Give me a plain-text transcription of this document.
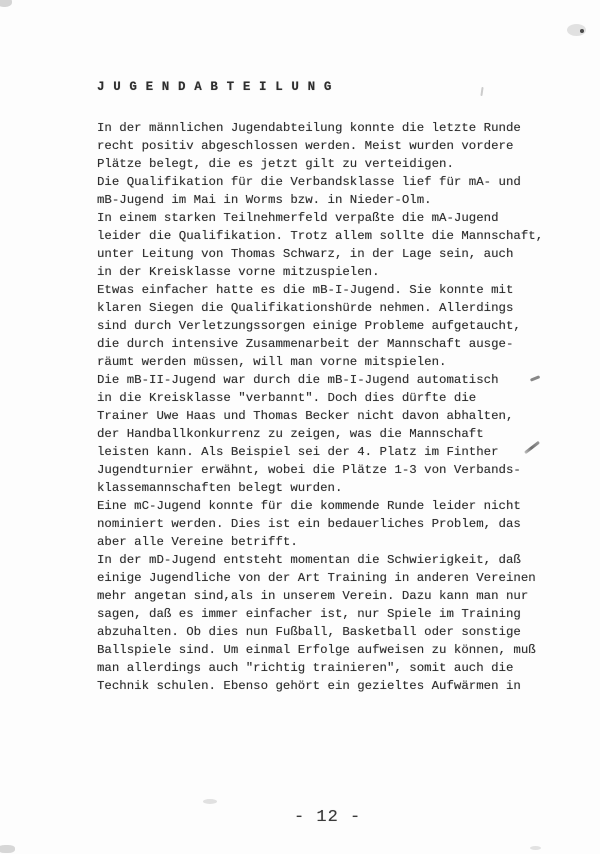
J U G E N D A B T E I L U N G
In der männlichen Jugendabteilung konnte die letzte Runde
recht positiv abgeschlossen werden. Meist wurden vordere
Plätze belegt, die es jetzt gilt zu verteidigen.
Die Qualifikation für die Verbandsklasse lief für mA- und
mB-Jugend im Mai in Worms bzw. in Nieder-Olm.
In einem starken Teilnehmerfeld verpaßte die mA-Jugend
leider die Qualifikation. Trotz allem sollte die Mannschaft,
unter Leitung von Thomas Schwarz, in der Lage sein, auch
in der Kreisklasse vorne mitzuspielen.
Etwas einfacher hatte es die mB-I-Jugend. Sie konnte mit
klaren Siegen die Qualifikationshürde nehmen. Allerdings
sind durch Verletzungssorgen einige Probleme aufgetaucht,
die durch intensive Zusammenarbeit der Mannschaft ausge-
räumt werden müssen, will man vorne mitspielen.
Die mB-II-Jugend war durch die mB-I-Jugend automatisch
in die Kreisklasse "verbannt". Doch dies dürfte die
Trainer Uwe Haas und Thomas Becker nicht davon abhalten,
der Handballkonkurrenz zu zeigen, was die Mannschaft
leisten kann. Als Beispiel sei der 4. Platz im Finther
Jugendturnier erwähnt, wobei die Plätze 1-3 von Verbands-
klassemannschaften belegt wurden.
Eine mC-Jugend konnte für die kommende Runde leider nicht
nominiert werden. Dies ist ein bedauerliches Problem, das
aber alle Vereine betrifft.
In der mD-Jugend entsteht momentan die Schwierigkeit, daß
einige Jugendliche von der Art Training in anderen Vereinen
mehr angetan sind,als in unserem Verein. Dazu kann man nur
sagen, daß es immer einfacher ist, nur Spiele im Training
abzuhalten. Ob dies nun Fußball, Basketball oder sonstige
Ballspiele sind. Um einmal Erfolge aufweisen zu können, muß
man allerdings auch "richtig trainieren", somit auch die
Technik schulen. Ebenso gehört ein gezieltes Aufwärmen in
- 12 -
